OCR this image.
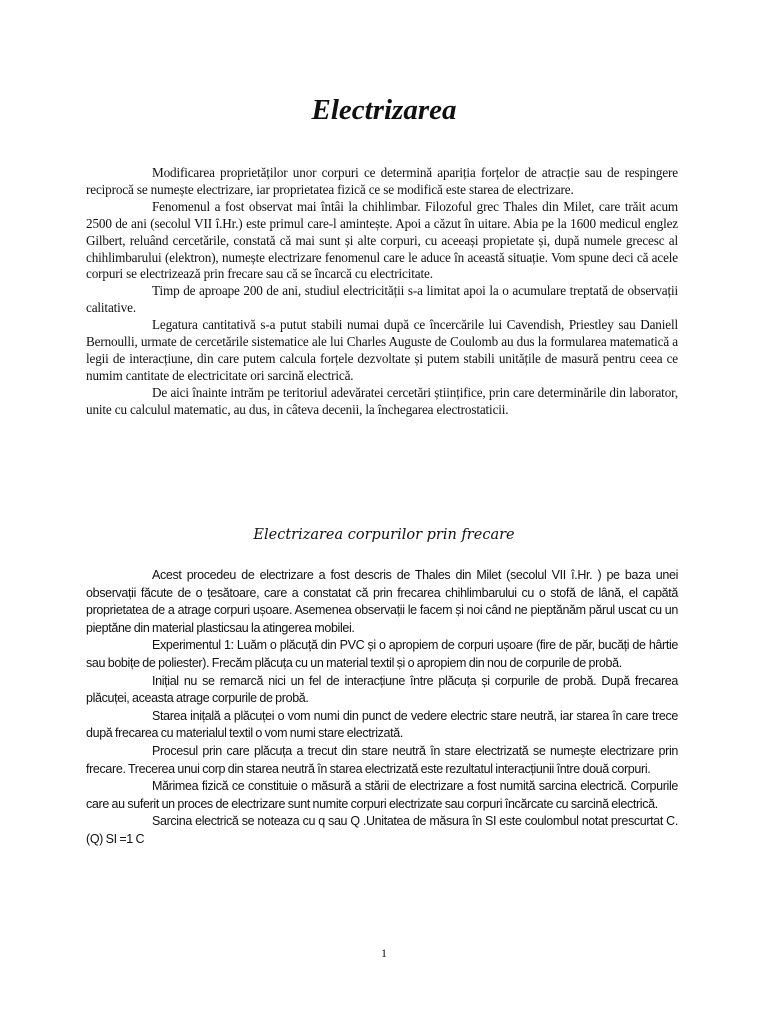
Electrizarea

Modificarea proprietăților unor corpuri ce determină apariția forțelor de atracție sau de respingere reciprocă se numește electrizare, iar proprietatea fizică ce se modifică este starea de electrizare.

Fenomenul a fost observat mai întâi la chihlimbar. Filozoful grec Thales din Milet, care trăit acum 2500 de ani (secolul VII î.Hr.) este primul care-l amintește. Apoi a căzut în uitare. Abia pe la 1600 medicul englez Gilbert, reluând cercetările, constată că mai sunt și alte corpuri, cu aceeași propietate și, după numele grecesc al chihlimbarului (elektron), numește electrizare fenomenul care le aduce în această situație. Vom spune deci că acele corpuri se electrizează prin frecare sau că se încarcă cu electricitate.

Timp de aproape 200 de ani, studiul electricității s-a limitat apoi la o acumulare treptată de observații calitative.

Legatura cantitativă s-a putut stabili numai după ce încercările lui Cavendish, Priestley sau Daniell Bernoulli, urmate de cercetările sistematice ale lui Charles Auguste de Coulomb au dus la formularea matematică a legii de interacțiune, din care putem calcula forțele dezvoltate și putem stabili unitățile de masură pentru ceea ce numim cantitate de electricitate ori sarcină electrică.

De aici înainte intrăm pe teritoriul adevăratei cercetări științifice, prin care determinările din laborator, unite cu calculul matematic, au dus, in câteva decenii, la închegarea electrostaticii.

Electrizarea corpurilor prin frecare

Acest procedeu de electrizare a fost descris de Thales din Milet (secolul VII î.Hr. ) pe baza unei observații făcute de o țesătoare, care a constatat că prin frecarea chihlimbarului cu o stofă de lână, el capătă proprietatea de a atrage corpuri ușoare. Asemenea observații le facem și noi când ne pieptănăm părul uscat cu un pieptăne din material plasticsau la atingerea mobilei.

Experimentul 1: Luăm o plăcuță din PVC și o apropiem de corpuri ușoare (fire de păr, bucăți de hârtie sau bobițe de poliester). Frecăm plăcuța cu un material textil și o apropiem din nou de corpurile de probă.

Inițial nu se remarcă nici un fel de interacțiune între plăcuța și corpurile de probă. După frecarea plăcuței, aceasta atrage corpurile de probă.

Starea inițală a plăcuței o vom numi din punct de vedere electric stare neutră, iar starea în care trece după frecarea cu materialul textil o vom numi stare electrizată.

Procesul prin care plăcuța a trecut din stare neutră în stare electrizată se numește electrizare prin frecare. Trecerea unui corp din starea neutră în starea electrizată este rezultatul interacțiunii între două corpuri.

Mărimea fizică ce constituie o măsură a stării de electrizare a fost numită sarcina electrică. Corpurile care au suferit un proces de electrizare sunt numite corpuri electrizate sau corpuri încărcate cu sarcină electrică.

Sarcina electrică se noteaza cu q sau Q .Unitatea de măsura în SI este coulombul notat prescurtat C. (Q) SI =1 C

1
